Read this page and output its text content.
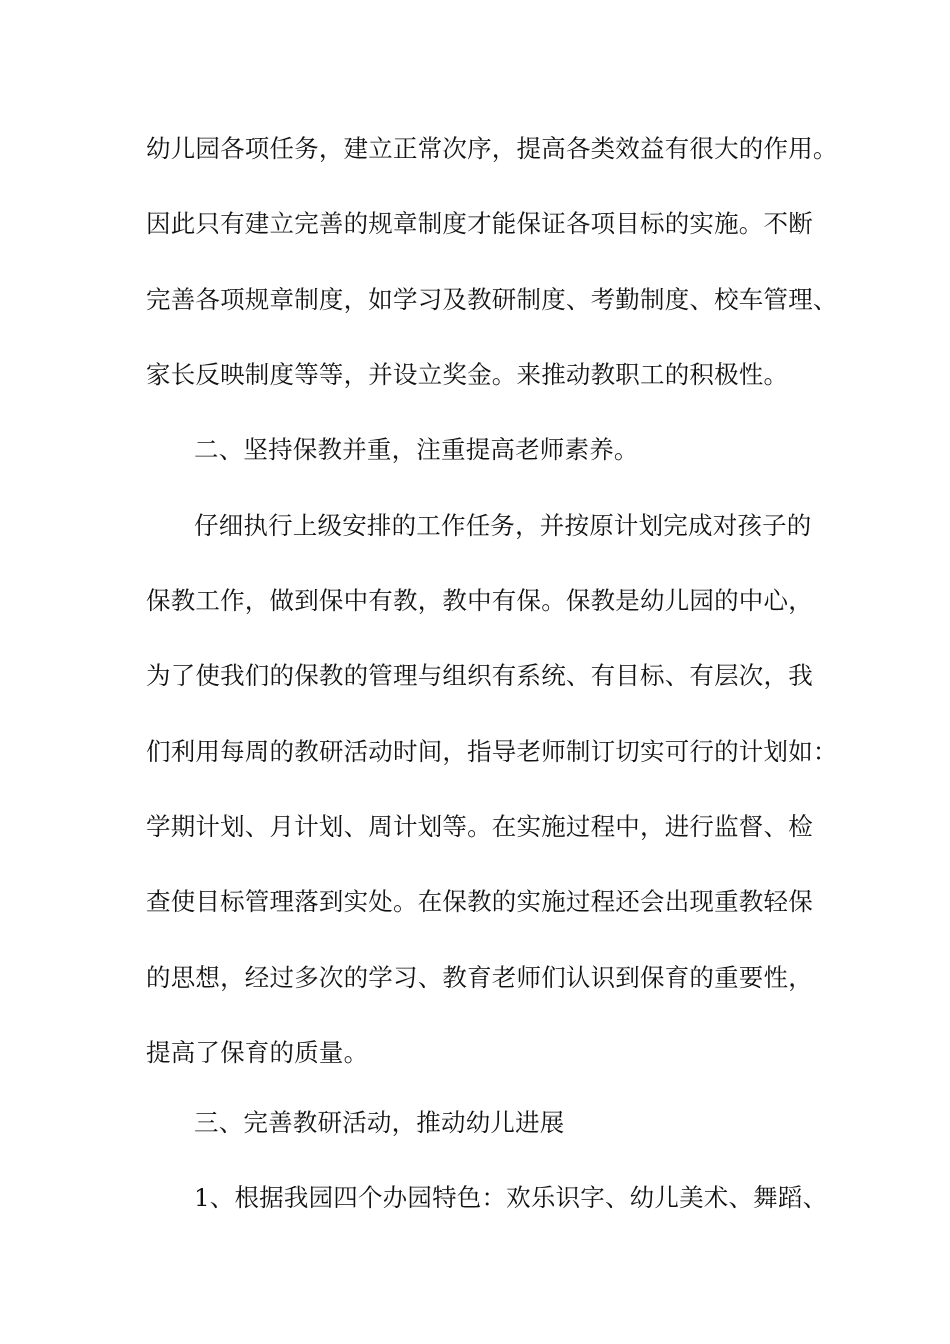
幼儿园各项任务，建立正常次序，提高各类效益有很大的作用。
因此只有建立完善的规章制度才能保证各项目标的实施。不断
完善各项规章制度，如学习及教研制度、考勤制度、校车管理、
家长反映制度等等，并设立奖金。来推动教职工的积极性。
二、坚持保教并重，注重提高老师素养。
仔细执行上级安排的工作任务，并按原计划完成对孩子的
保教工作，做到保中有教，教中有保。保教是幼儿园的中心，
为了使我们的保教的管理与组织有系统、有目标、有层次，我
们利用每周的教研活动时间，指导老师制订切实可行的计划如：
学期计划、月计划、周计划等。在实施过程中，进行监督、检
查使目标管理落到实处。在保教的实施过程还会出现重教轻保
的思想，经过多次的学习、教育老师们认识到保育的重要性，
提高了保育的质量。
三、完善教研活动，推动幼儿进展
1、根据我园四个办园特色：欢乐识字、幼儿美术、舞蹈、
